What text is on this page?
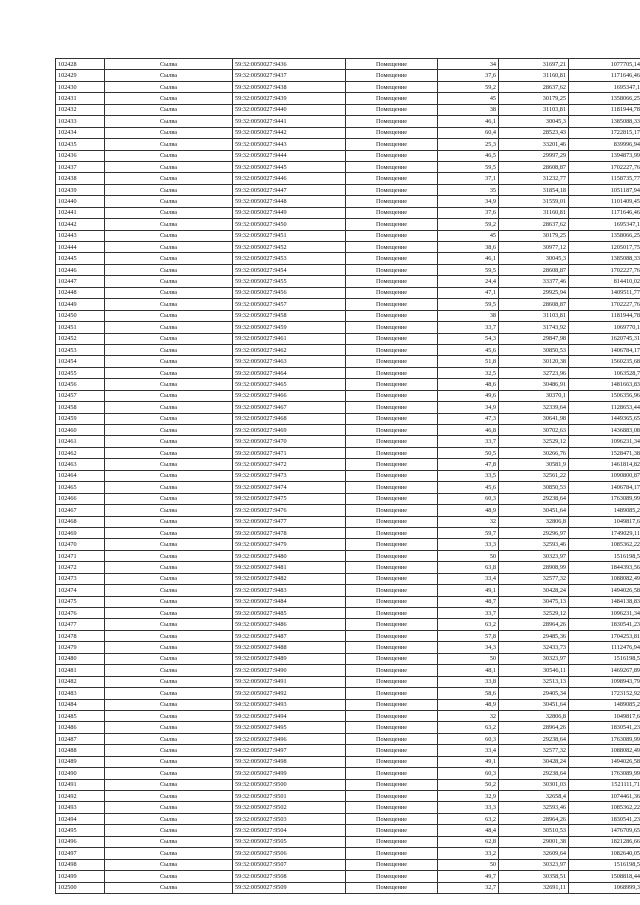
102428	Сылва	59:32:0050027:9436	Помещение	34	31697,21	1077705,14
102429	Сылва	59:32:0050027:9437	Помещение	37,6	31160,81	1171646,46
102430	Сылва	59:32:0050027:9438	Помещение	59,2	28637,62	1695347,1
102431	Сылва	59:32:0050027:9439	Помещение	45	30179,25	1358066,25
102432	Сылва	59:32:0050027:9440	Помещение	38	31103,81	1181944,78
102433	Сылва	59:32:0050027:9441	Помещение	46,1	30045,3	1385088,33
102434	Сылва	59:32:0050027:9442	Помещение	60,4	28523,43	1722815,17
102435	Сылва	59:32:0050027:9443	Помещение	25,3	33201,46	839996,94
102436	Сылва	59:32:0050027:9444	Помещение	46,5	29997,29	1394873,99
102437	Сылва	59:32:0050027:9445	Помещение	59,5	28608,87	1702227,76
102438	Сылва	59:32:0050027:9446	Помещение	37,1	31232,77	1158735,77
102439	Сылва	59:32:0050027:9447	Помещение	35	31854,18	1051187,94
102440	Сылва	59:32:0050027:9448	Помещение	34,9	31559,01	1101409,45
102441	Сылва	59:32:0050027:9449	Помещение	37,6	31160,81	1171646,46
102442	Сылва	59:32:0050027:9450	Помещение	59,2	28637,62	1695347,1
102443	Сылва	59:32:0050027:9451	Помещение	45	30179,25	1358066,25
102444	Сылва	59:32:0050027:9452	Помещение	38,6	30977,12	1205017,75
102445	Сылва	59:32:0050027:9453	Помещение	46,1	30045,3	1385088,33
102446	Сылва	59:32:0050027:9454	Помещение	59,5	28608,87	1702227,76
102447	Сылва	59:32:0050027:9455	Помещение	24,4	33377,46	814410,02
102448	Сылва	59:32:0050027:9456	Помещение	47,1	29925,94	1409511,77
102449	Сылва	59:32:0050027:9457	Помещение	59,5	28608,87	1702227,76
102450	Сылва	59:32:0050027:9458	Помещение	38	31103,81	1181944,78
102451	Сылва	59:32:0050027:9459	Помещение	33,7	31743,92	1069770,1
102452	Сылва	59:32:0050027:9461	Помещение	54,3	29847,98	1620745,31
102453	Сылва	59:32:0050027:9462	Помещение	45,6	30850,53	1406784,17
102454	Сылва	59:32:0050027:9463	Помещение	51,8	30120,38	1560235,68
102455	Сылва	59:32:0050027:9464	Помещение	32,5	32723,96	1063528,7
102456	Сылва	59:32:0050027:9465	Помещение	48,6	30486,91	1481663,83
102457	Сылва	59:32:0050027:9466	Помещение	49,6	30370,1	1506356,96
102458	Сылва	59:32:0050027:9467	Помещение	34,9	32339,64	1128653,44
102459	Сылва	59:32:0050027:9468	Помещение	47,3	30641,98	1449365,65
102460	Сылва	59:32:0050027:9469	Помещение	46,8	30702,63	1436883,08
102461	Сылва	59:32:0050027:9470	Помещение	33,7	32529,12	1096231,34
102462	Сылва	59:32:0050027:9471	Помещение	50,5	30266,76	1528471,38
102463	Сылва	59:32:0050027:9472	Помещение	47,8	30581,9	1461814,82
102464	Сылва	59:32:0050027:9473	Помещение	33,5	32561,22	1090800,87
102465	Сылва	59:32:0050027:9474	Помещение	45,6	30850,53	1406784,17
102466	Сылва	59:32:0050027:9475	Помещение	60,3	29238,64	1763089,99
102467	Сылва	59:32:0050027:9476	Помещение	48,9	30451,64	1489085,2
102468	Сылва	59:32:0050027:9477	Помещение	32	32806,8	1049817,6
102469	Сылва	59:32:0050027:9478	Помещение	59,7	29296,97	1749029,11
102470	Сылва	59:32:0050027:9479	Помещение	33,3	32593,46	1085362,22
102471	Сылва	59:32:0050027:9480	Помещение	50	30323,97	1516198,5
102472	Сылва	59:32:0050027:9481	Помещение	63,8	28908,99	1844393,56
102473	Сылва	59:32:0050027:9482	Помещение	33,4	32577,32	1088082,49
102474	Сылва	59:32:0050027:9483	Помещение	49,1	30428,24	1494026,58
102475	Сылва	59:32:0050027:9484	Помещение	48,7	30475,13	1484138,83
102476	Сылва	59:32:0050027:9485	Помещение	33,7	32529,12	1096231,34
102477	Сылва	59:32:0050027:9486	Помещение	63,2	28964,26	1830541,23
102478	Сылва	59:32:0050027:9487	Помещение	57,8	29485,36	1704253,81
102479	Сылва	59:32:0050027:9488	Помещение	34,3	32433,73	1112476,94
102480	Сылва	59:32:0050027:9489	Помещение	50	30323,97	1516198,5
102481	Сылва	59:32:0050027:9490	Помещение	48,1	30546,11	1469267,89
102482	Сылва	59:32:0050027:9491	Помещение	33,8	32513,13	1098943,79
102483	Сылва	59:32:0050027:9492	Помещение	58,6	29405,34	1723152,92
102484	Сылва	59:32:0050027:9493	Помещение	48,9	30451,64	1489085,2
102485	Сылва	59:32:0050027:9494	Помещение	32	32806,8	1049817,6
102486	Сылва	59:32:0050027:9495	Помещение	63,2	28964,26	1830541,23
102487	Сылва	59:32:0050027:9496	Помещение	60,3	29238,64	1763089,99
102488	Сылва	59:32:0050027:9497	Помещение	33,4	32577,32	1088082,49
102489	Сылва	59:32:0050027:9498	Помещение	49,1	30428,24	1494026,58
102490	Сылва	59:32:0050027:9499	Помещение	60,3	29238,64	1763089,99
102491	Сылва	59:32:0050027:9500	Помещение	50,2	30301,03	1521111,71
102492	Сылва	59:32:0050027:9501	Помещение	32,9	32658,4	1074461,36
102493	Сылва	59:32:0050027:9502	Помещение	33,3	32593,46	1085362,22
102494	Сылва	59:32:0050027:9503	Помещение	63,2	28964,26	1830541,23
102495	Сылва	59:32:0050027:9504	Помещение	48,4	30510,53	1476709,65
102496	Сылва	59:32:0050027:9505	Помещение	62,8	29001,38	1821286,66
102497	Сылва	59:32:0050027:9506	Помещение	33,2	32609,64	1082640,05
102498	Сылва	59:32:0050027:9507	Помещение	50	30323,97	1516198,5
102499	Сылва	59:32:0050027:9508	Помещение	49,7	30358,51	1508818,44
102500	Сылва	59:32:0050027:9509	Помещение	32,7	32691,11	1068999,3
